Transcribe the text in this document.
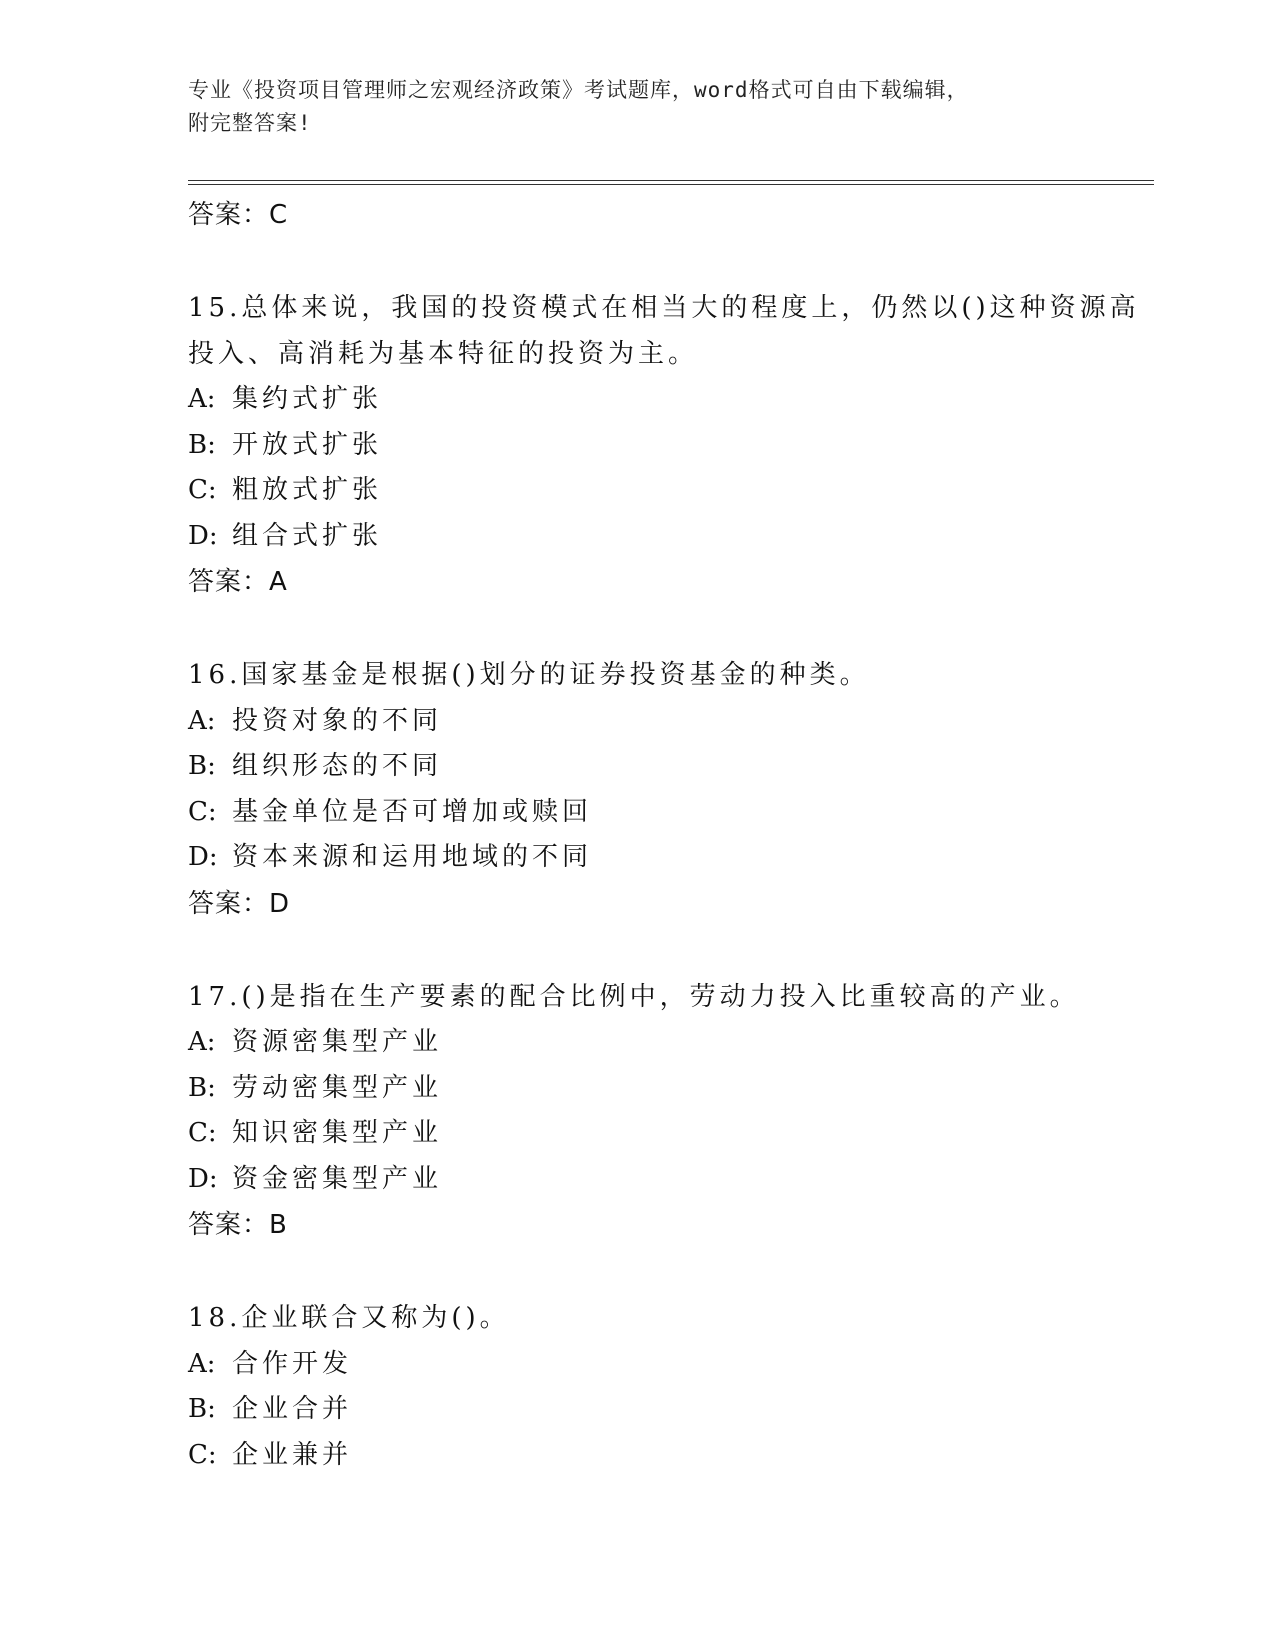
专业《投资项目管理师之宏观经济政策》考试题库，word格式可自由下载编辑，
附完整答案!
答案：C
15.总体来说，我国的投资模式在相当大的程度上，仍然以()这种资源高投入、高消耗为基本特征的投资为主。
A: 集约式扩张
B: 开放式扩张
C: 粗放式扩张
D: 组合式扩张
答案：A
16.国家基金是根据()划分的证券投资基金的种类。
A: 投资对象的不同
B: 组织形态的不同
C: 基金单位是否可增加或赎回
D: 资本来源和运用地域的不同
答案：D
17.()是指在生产要素的配合比例中，劳动力投入比重较高的产业。
A: 资源密集型产业
B: 劳动密集型产业
C: 知识密集型产业
D: 资金密集型产业
答案：B
18.企业联合又称为()。
A: 合作开发
B: 企业合并
C: 企业兼并
